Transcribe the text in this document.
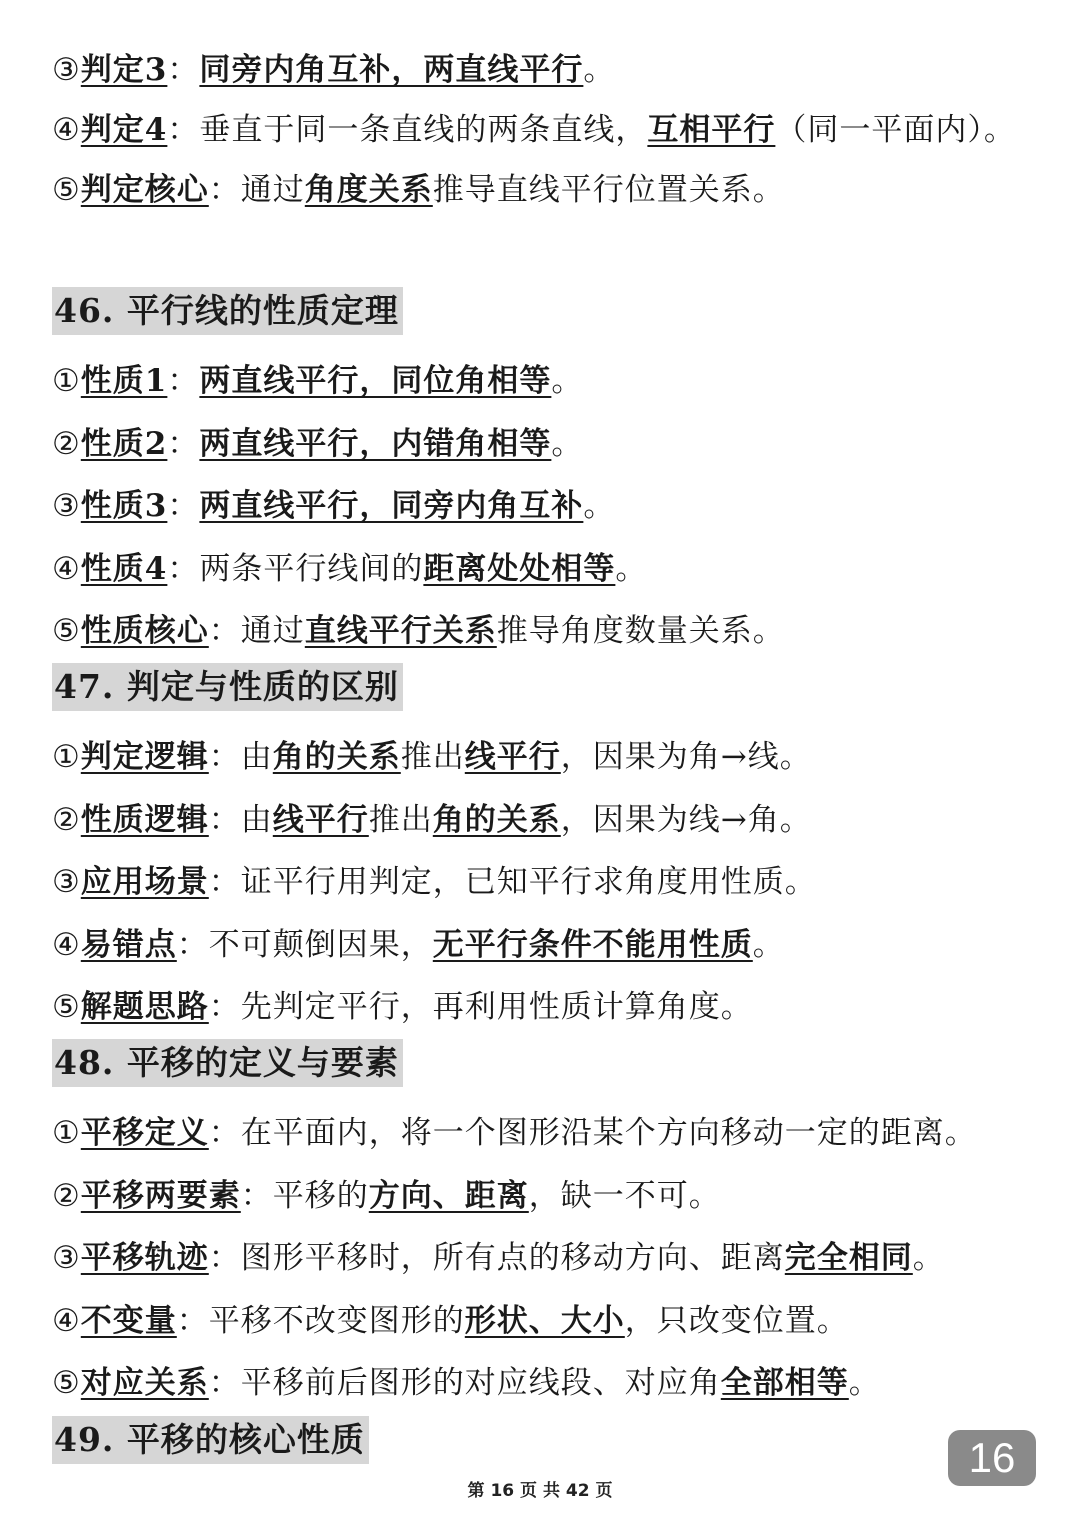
③判定3：同旁内角互补，两直线平行。
④判定4：垂直于同一条直线的两条直线，互相平行（同一平面内）。
⑤判定核心：通过角度关系推导直线平行位置关系。
46. 平行线的性质定理
①性质1：两直线平行，同位角相等。
②性质2：两直线平行，内错角相等。
③性质3：两直线平行，同旁内角互补。
④性质4：两条平行线间的距离处处相等。
⑤性质核心：通过直线平行关系推导角度数量关系。
47. 判定与性质的区别
①判定逻辑：由角的关系推出线平行，因果为角→线。
②性质逻辑：由线平行推出角的关系，因果为线→角。
③应用场景：证平行用判定，已知平行求角度用性质。
④易错点：不可颠倒因果，无平行条件不能用性质。
⑤解题思路：先判定平行，再利用性质计算角度。
48. 平移的定义与要素
①平移定义：在平面内，将一个图形沿某个方向移动一定的距离。
②平移两要素：平移的方向、距离，缺一不可。
③平移轨迹：图形平移时，所有点的移动方向、距离完全相同。
④不变量：平移不改变图形的形状、大小，只改变位置。
⑤对应关系：平移前后图形的对应线段、对应角全部相等。
49. 平移的核心性质	16
第 16 页 共 42 页
